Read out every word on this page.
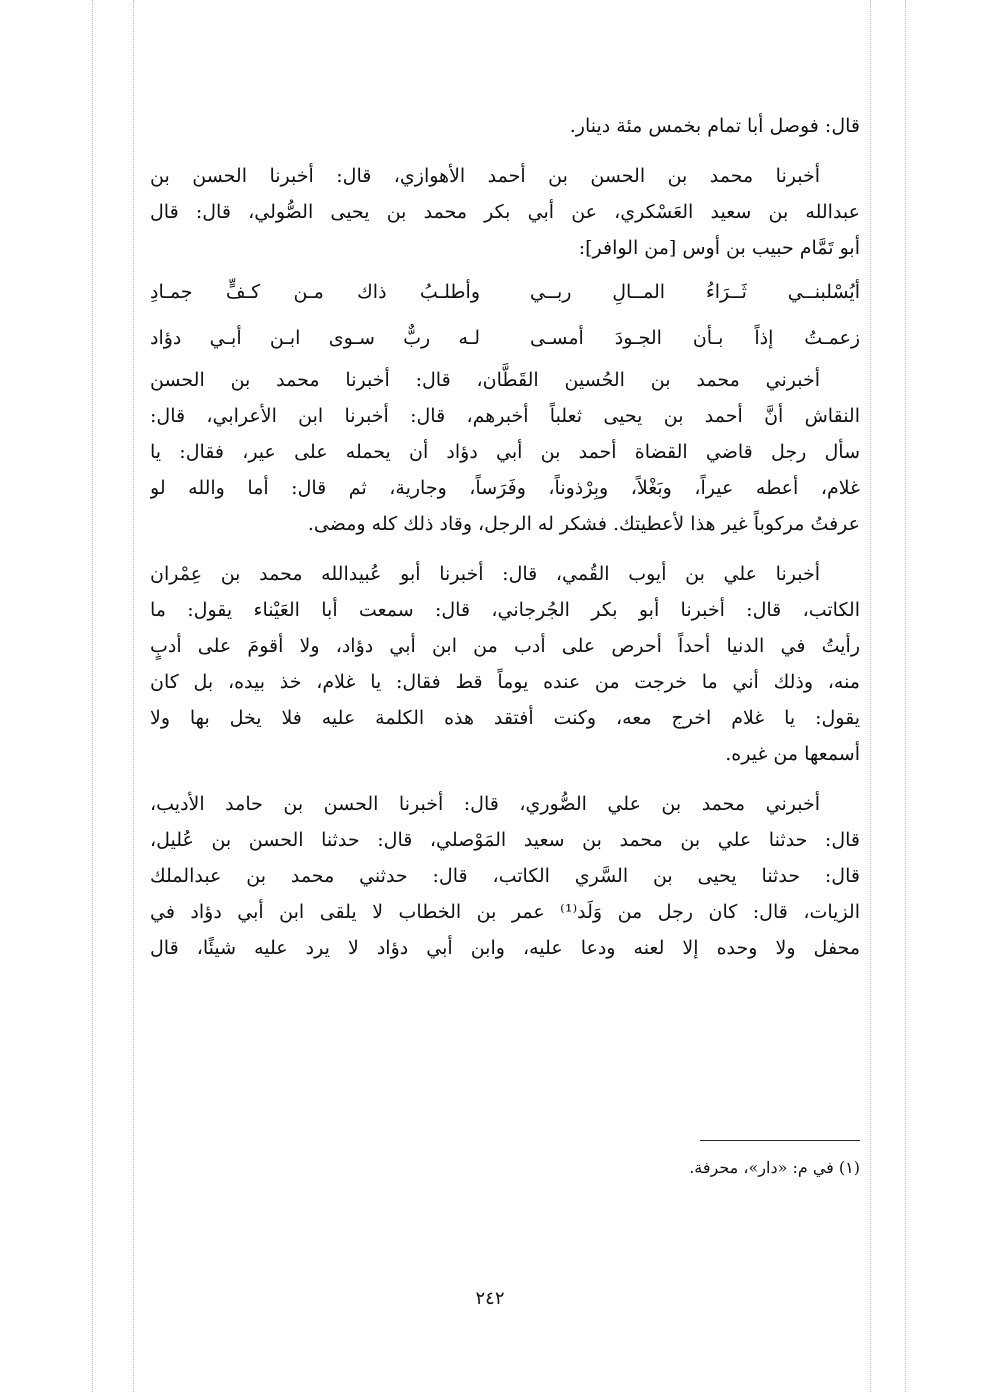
قال: فوصل أبا تمام بخمس مئة دينار.
أخبرنا محمد بن الحسن بن أحمد الأهوازي، قال: أخبرنا الحسن بن
عبدالله بن سعيد العَسْكري، عن أبي بكر محمد بن يحيى الصُّولي، قال: قال
أبو تَمَّام حبيب بن أوس [من الوافر]:
أيُسْلبنــي ثَــرَاءُ المــالِ ربــي
وأطلـبُ ذاك مـن كـفٍّ جمـادِ
زعمـتُ إذاً بـأن الجـودَ أمسـى
لـه ربٌّ سـوى ابـن أبـي دؤاد
أخبرني محمد بن الحُسين القَطَّان، قال: أخبرنا محمد بن الحسن
النقاش أنَّ أحمد بن يحيى ثعلباً أخبرهم، قال: أخبرنا ابن الأعرابي، قال:
سأل رجل قاضي القضاة أحمد بن أبي دؤاد أن يحمله على عير، فقال: يا
غلام، أعطه عيراً، وبَغْلاً، وبِرْذوناً، وفَرَساً، وجارية، ثم قال: أما والله لو
عرفتُ مركوباً غير هذا لأعطيتك. فشكر له الرجل، وقاد ذلك كله ومضى.
أخبرنا علي بن أيوب القُمي، قال: أخبرنا أبو عُبيدالله محمد بن عِمْران
الكاتب، قال: أخبرنا أبو بكر الجُرجاني، قال: سمعت أبا العَيْناء يقول: ما
رأيتُ في الدنيا أحداً أحرص على أدب من ابن أبي دؤاد، ولا أقومَ على أدبٍ
منه، وذلك أني ما خرجت من عنده يوماً قط فقال: يا غلام، خذ بيده، بل كان
يقول: يا غلام اخرج معه، وكنت أفتقد هذه الكلمة عليه فلا يخل بها ولا
أسمعها من غيره.
أخبرني محمد بن علي الصُّوري، قال: أخبرنا الحسن بن حامد الأديب،
قال: حدثنا علي بن محمد بن سعيد المَوْصلي، قال: حدثنا الحسن بن عُليل،
قال: حدثنا يحيى بن السَّري الكاتب، قال: حدثني محمد بن عبدالملك
الزيات، قال: كان رجل من وَلَد⁽¹⁾ عمر بن الخطاب لا يلقى ابن أبي دؤاد في
محفل ولا وحده إلا لعنه ودعا عليه، وابن أبي دؤاد لا يرد عليه شيئًا، قال
(١) في م: «دار»، محرفة.
٢٤٢
